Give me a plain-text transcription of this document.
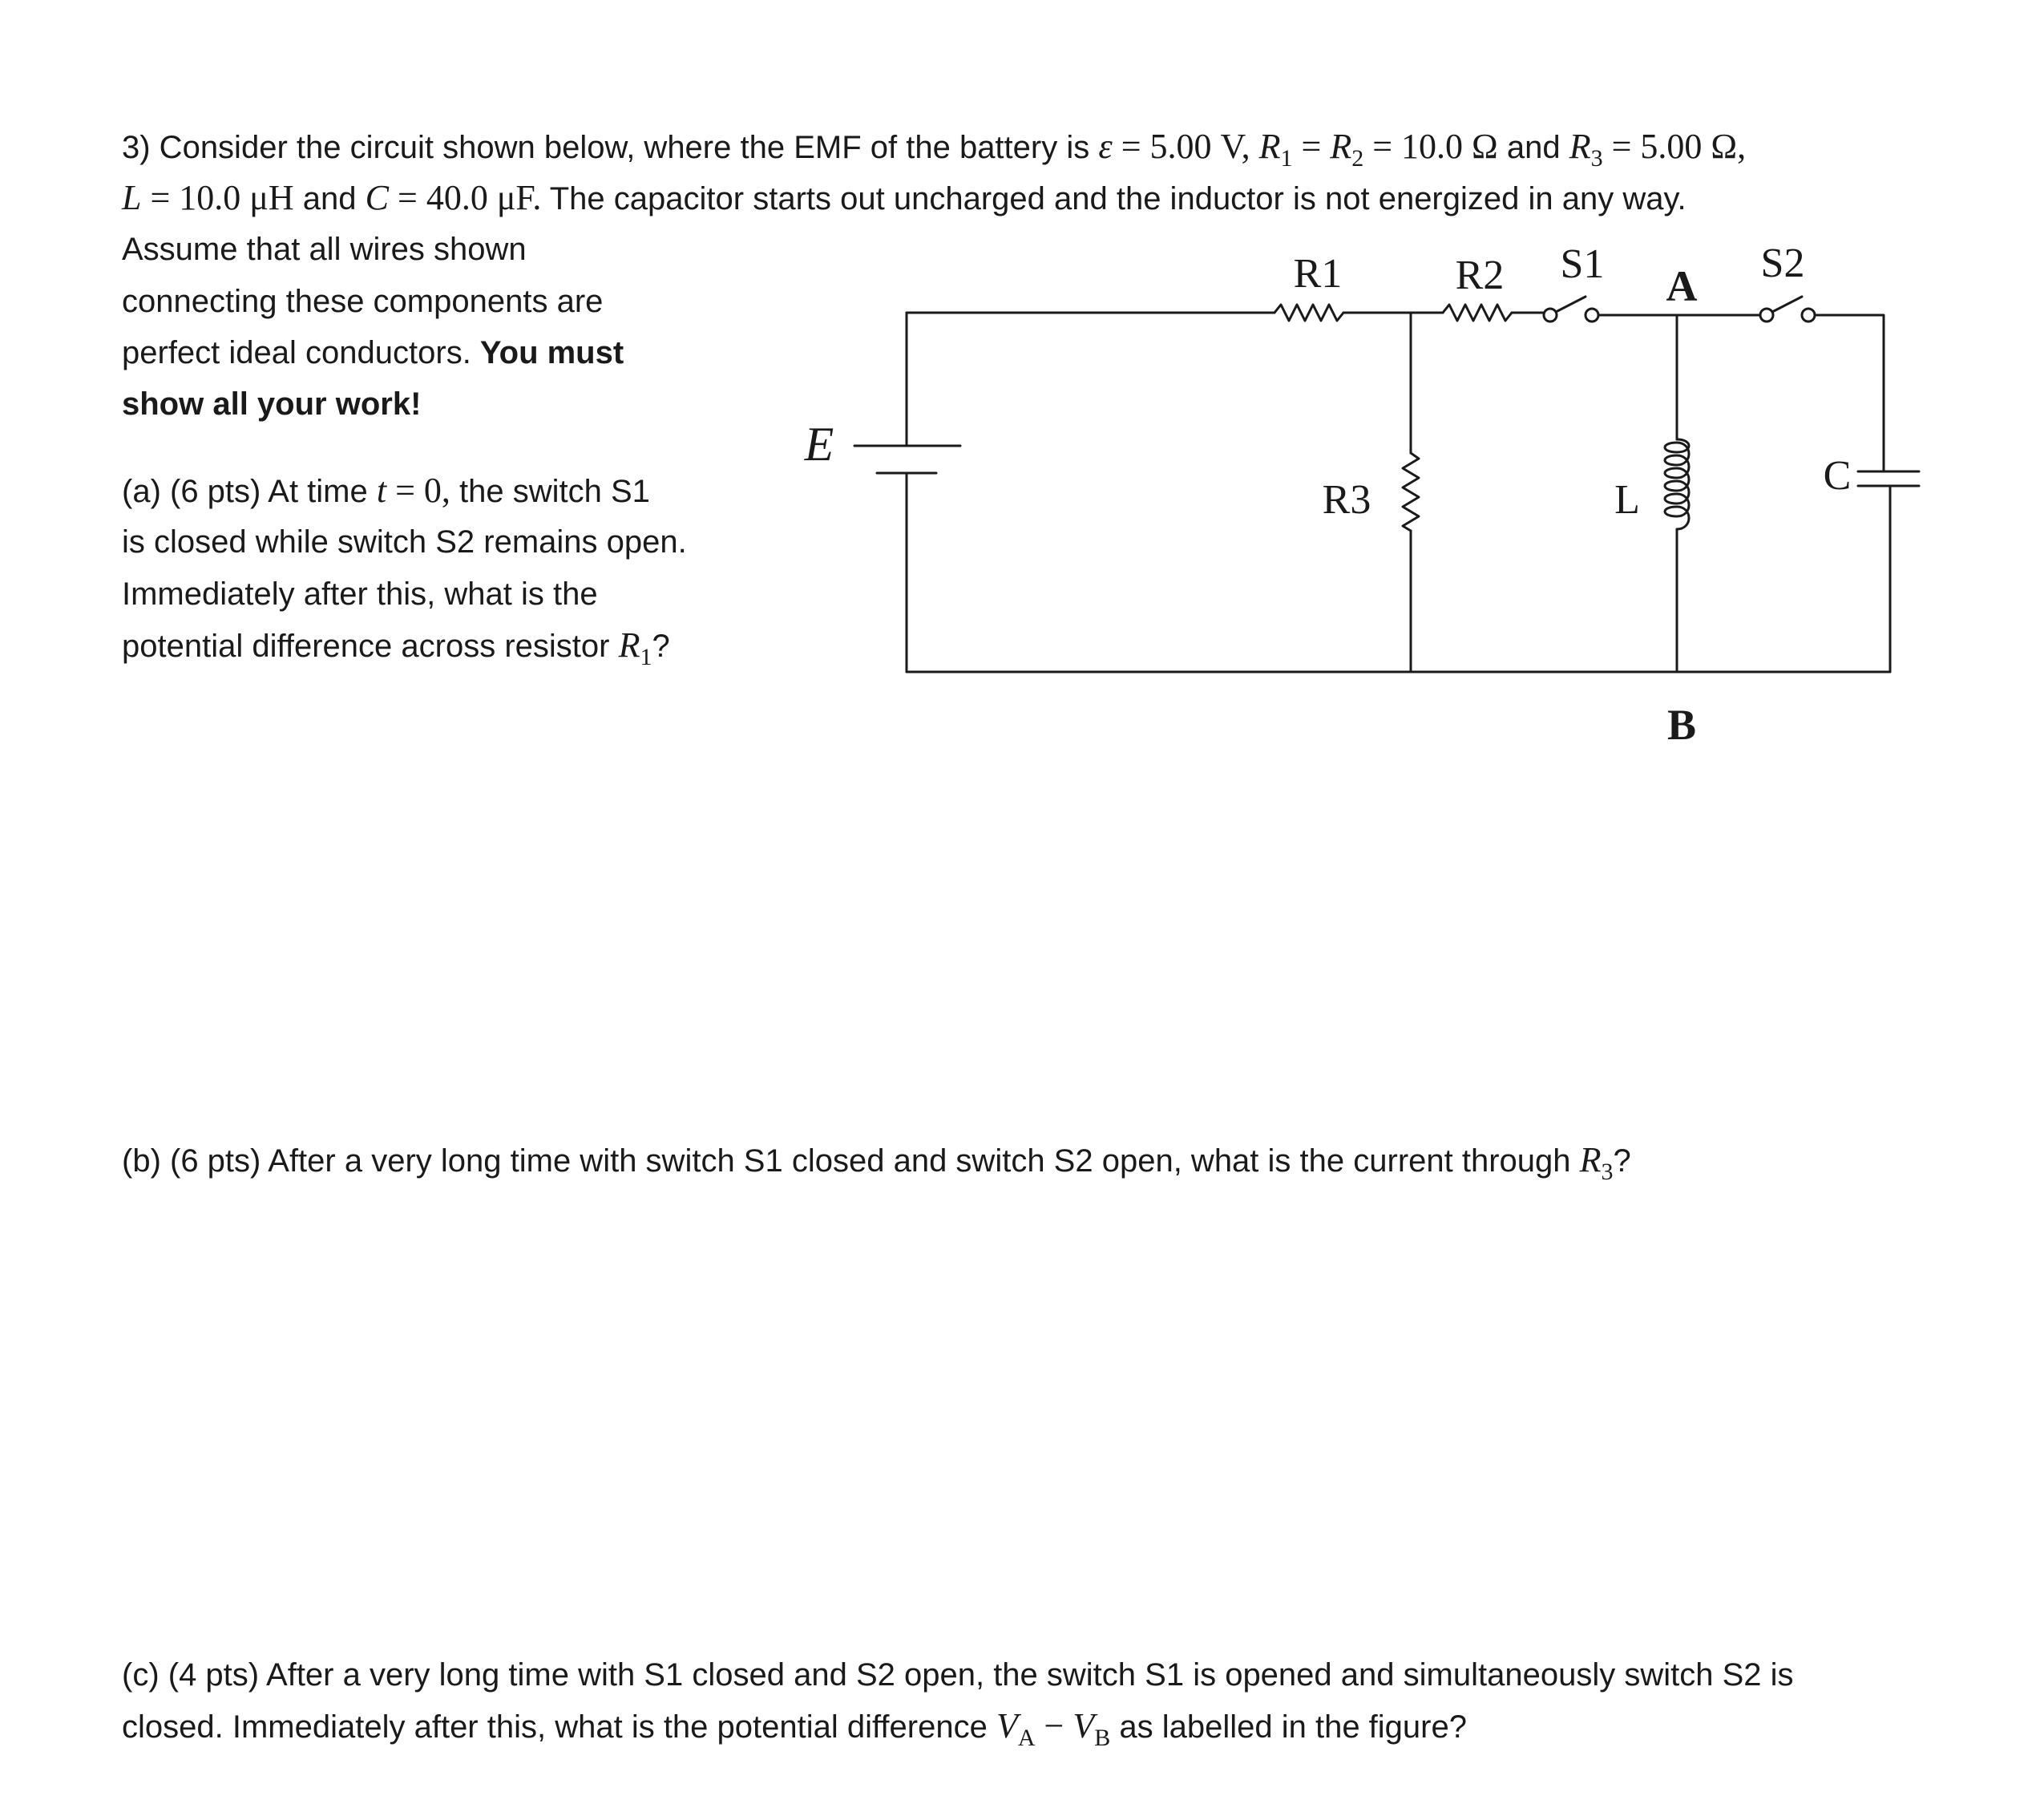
3) Consider the circuit shown below, where the EMF of the battery is ε = 5.00 V, $R_1 = R_2 = 10.0$ Ω and $R_3 = 5.00$ Ω,
L = 10.0 μH and C = 40.0 μF. The capacitor starts out uncharged and the inductor is not energized in any way.
Assume that all wires shown
connecting these components are
perfect ideal conductors. You must
show all your work!
(a) (6 pts) At time t = 0, the switch S1
is closed while switch S2 remains open.
Immediately after this, what is the
potential difference across resistor $R_1$?
(b) (6 pts) After a very long time with switch S1 closed and switch S2 open, what is the current through $R_3$?
(c) (4 pts) After a very long time with S1 closed and S2 open, the switch S1 is opened and simultaneously switch S2 is
closed. Immediately after this, what is the potential difference $V_A - V_B$ as labelled in the figure?
R1	R2 S1 A S2
E
R3	L
C
B
